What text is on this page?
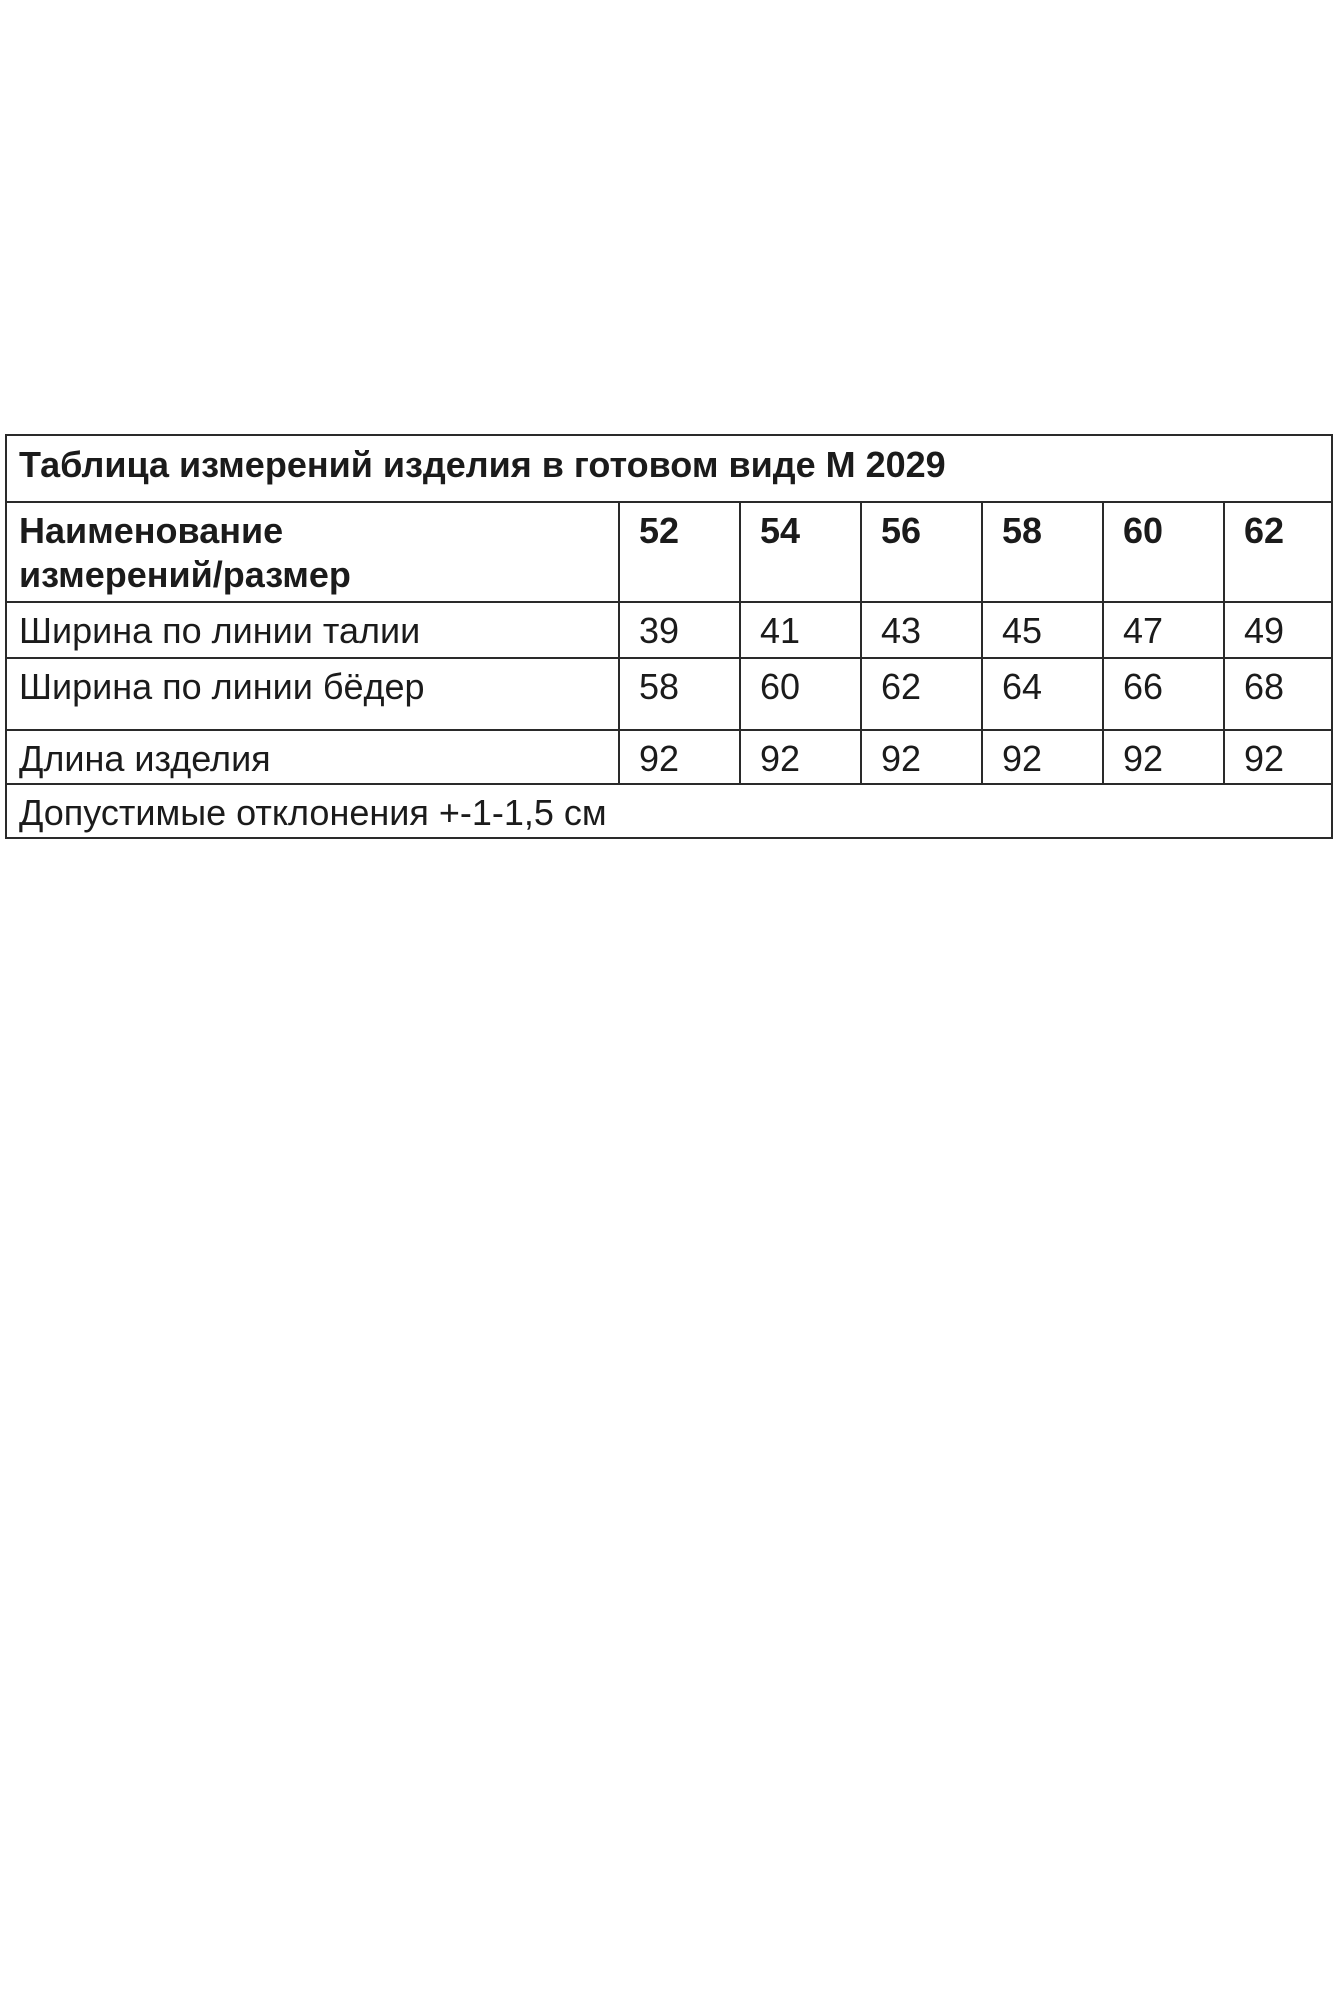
Таблица измерений изделия в готовом виде М 2029						

Наименование
измерений/размер	52	54	56	58	60	62
Ширина по линии талии	39	41	43	45	47	49
Ширина по линии бёдер	58	60	62	64	66	68
Длина изделия	92	92	92	92	92	92
Допустимые отклонения +-1-1,5 см						
